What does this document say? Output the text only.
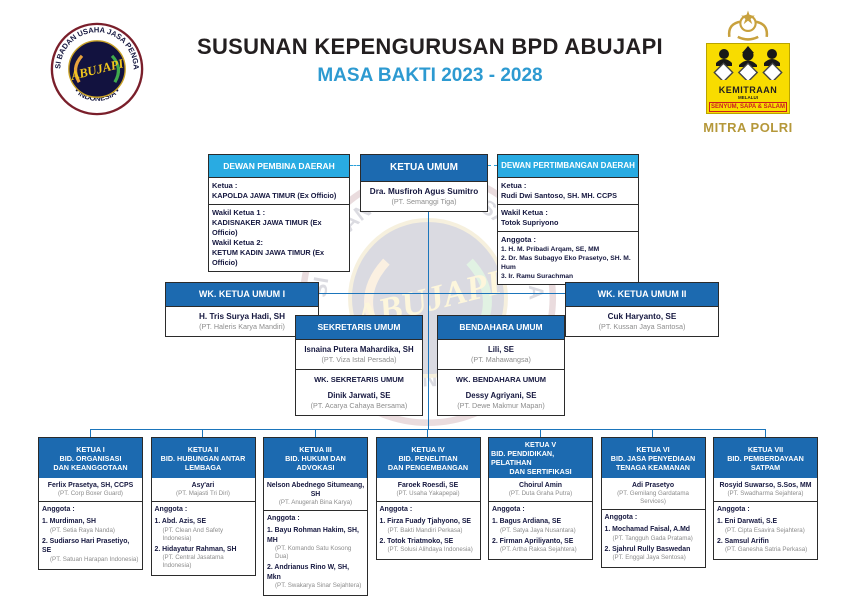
SUSUNAN KEPENGURUSAN BPD ABUJAPI
MASA BAKTI 2023 - 2028
KEMITRAAN
MELALUI
SENYUM, SAPA & SALAM
MITRA POLRI
DEWAN PEMBINA DAERAH
Ketua :
KAPOLDA JAWA TIMUR (Ex Officio)
Wakil Ketua 1 :
KADISNAKER JAWA TIMUR (Ex Officio)
Wakil Ketua 2:
KETUM KADIN JAWA TIMUR (Ex Officio)
KETUA UMUM
Dra. Musfiroh Agus Sumitro
(PT. Semanggi Tiga)
DEWAN PERTIMBANGAN DAERAH
Ketua :
Rudi Dwi Santoso, SH. MH. CCPS
Wakil Ketua :
Totok Supriyono
Anggota :
1. H. M. Pribadi Arqam, SE, MM
2. Dr. Mas Subagyo Eko Prasetyo, SH. M. Hum
3. Ir. Ramu Surachman
WK. KETUA UMUM I
H. Tris Surya Hadi, SH
(PT. Haleris Karya Mandiri)
WK. KETUA UMUM II
Cuk Haryanto, SE
(PT. Kussan Jaya Santosa)
SEKRETARIS UMUM
Isnaina Putera Mahardika, SH
(PT. Viza Istal Persada)
WK. SEKRETARIS UMUM
Dinik Jarwati, SE
(PT. Acarya Cahaya Bersama)
BENDAHARA UMUM
Lili, SE
(PT. Mahawangsa)
WK. BENDAHARA UMUM
Dessy Agriyani, SE
(PT. Dewe Makmur Mapan)
KETUA I
BID. ORGANISASI
DAN KEANGGOTAAN
Ferlix Prasetya, SH, CCPS
(PT. Corp Boxer Guard)
Anggota :
1. Murdiman, SH
(PT. Setia Raya Nanda)
2. Sudiarso Hari Prasetiyo, SE
(PT. Satuan Harapan Indonesia)
KETUA II
BID. HUBUNGAN ANTAR
LEMBAGA
Asy'ari
(PT. Majasti Tri Diri)
Anggota :
1. Abd. Azis, SE
(PT. Clean And Safety Indonesia)
2. Hidayatur Rahman, SH
(PT. Central Jasatama Indonesia)
KETUA III
BID. HUKUM DAN
ADVOKASI
Nelson Abednego Situmeang, SH
(PT. Anugerah Bina Karya)
Anggota :
1. Bayu Rohman Hakim, SH, MH
(PT. Komando Satu Kosong Dua)
2. Andrianus Rino W, SH, Mkn
(PT. Swakarya Sinar Sejahtera)
KETUA IV
BID. PENELITIAN
DAN PENGEMBANGAN
Faroek Roesdi, SE
(PT. Usaha Yakapepai)
Anggota :
1. Firza Fuady Tjahyono, SE
(PT. Bakti Mandiri Perkasa)
2. Totok Triatmoko, SE
(PT. Solusi Alihdaya Indonesia)
KETUA V
BID. PENDIDIKAN, PELATIHAN
DAN SERTIFIKASI
Choirul Amin
(PT. Duta Graha Putra)
Anggota :
1. Bagus Ardiana, SE
(PT. Satya Jaya Nusantara)
2. Firman Apriliyanto, SE
(PT. Artha Raksa Sejahtera)
KETUA VI
BID. JASA PENYEDIAAN
TENAGA KEAMANAN
Adi Prasetyo
(PT. Gemilang Gardatama Services)
Anggota :
1. Mochamad Faisal, A.Md
(PT. Tangguh Gada Pratama)
2. Sjahrul Rully Baswedan
(PT. Enggal Jaya Sentosa)
KETUA VII
BID. PEMBERDAYAAN
SATPAM
Rosyid Suwarso, S.Sos, MM
(PT. Swadharma Sejahtera)
Anggota :
1. Eni Darwati, S.E
(PT. Cipta Esavira Sejahtera)
2. Samsul Arifin
(PT. Ganesha Satria Perkasa)
